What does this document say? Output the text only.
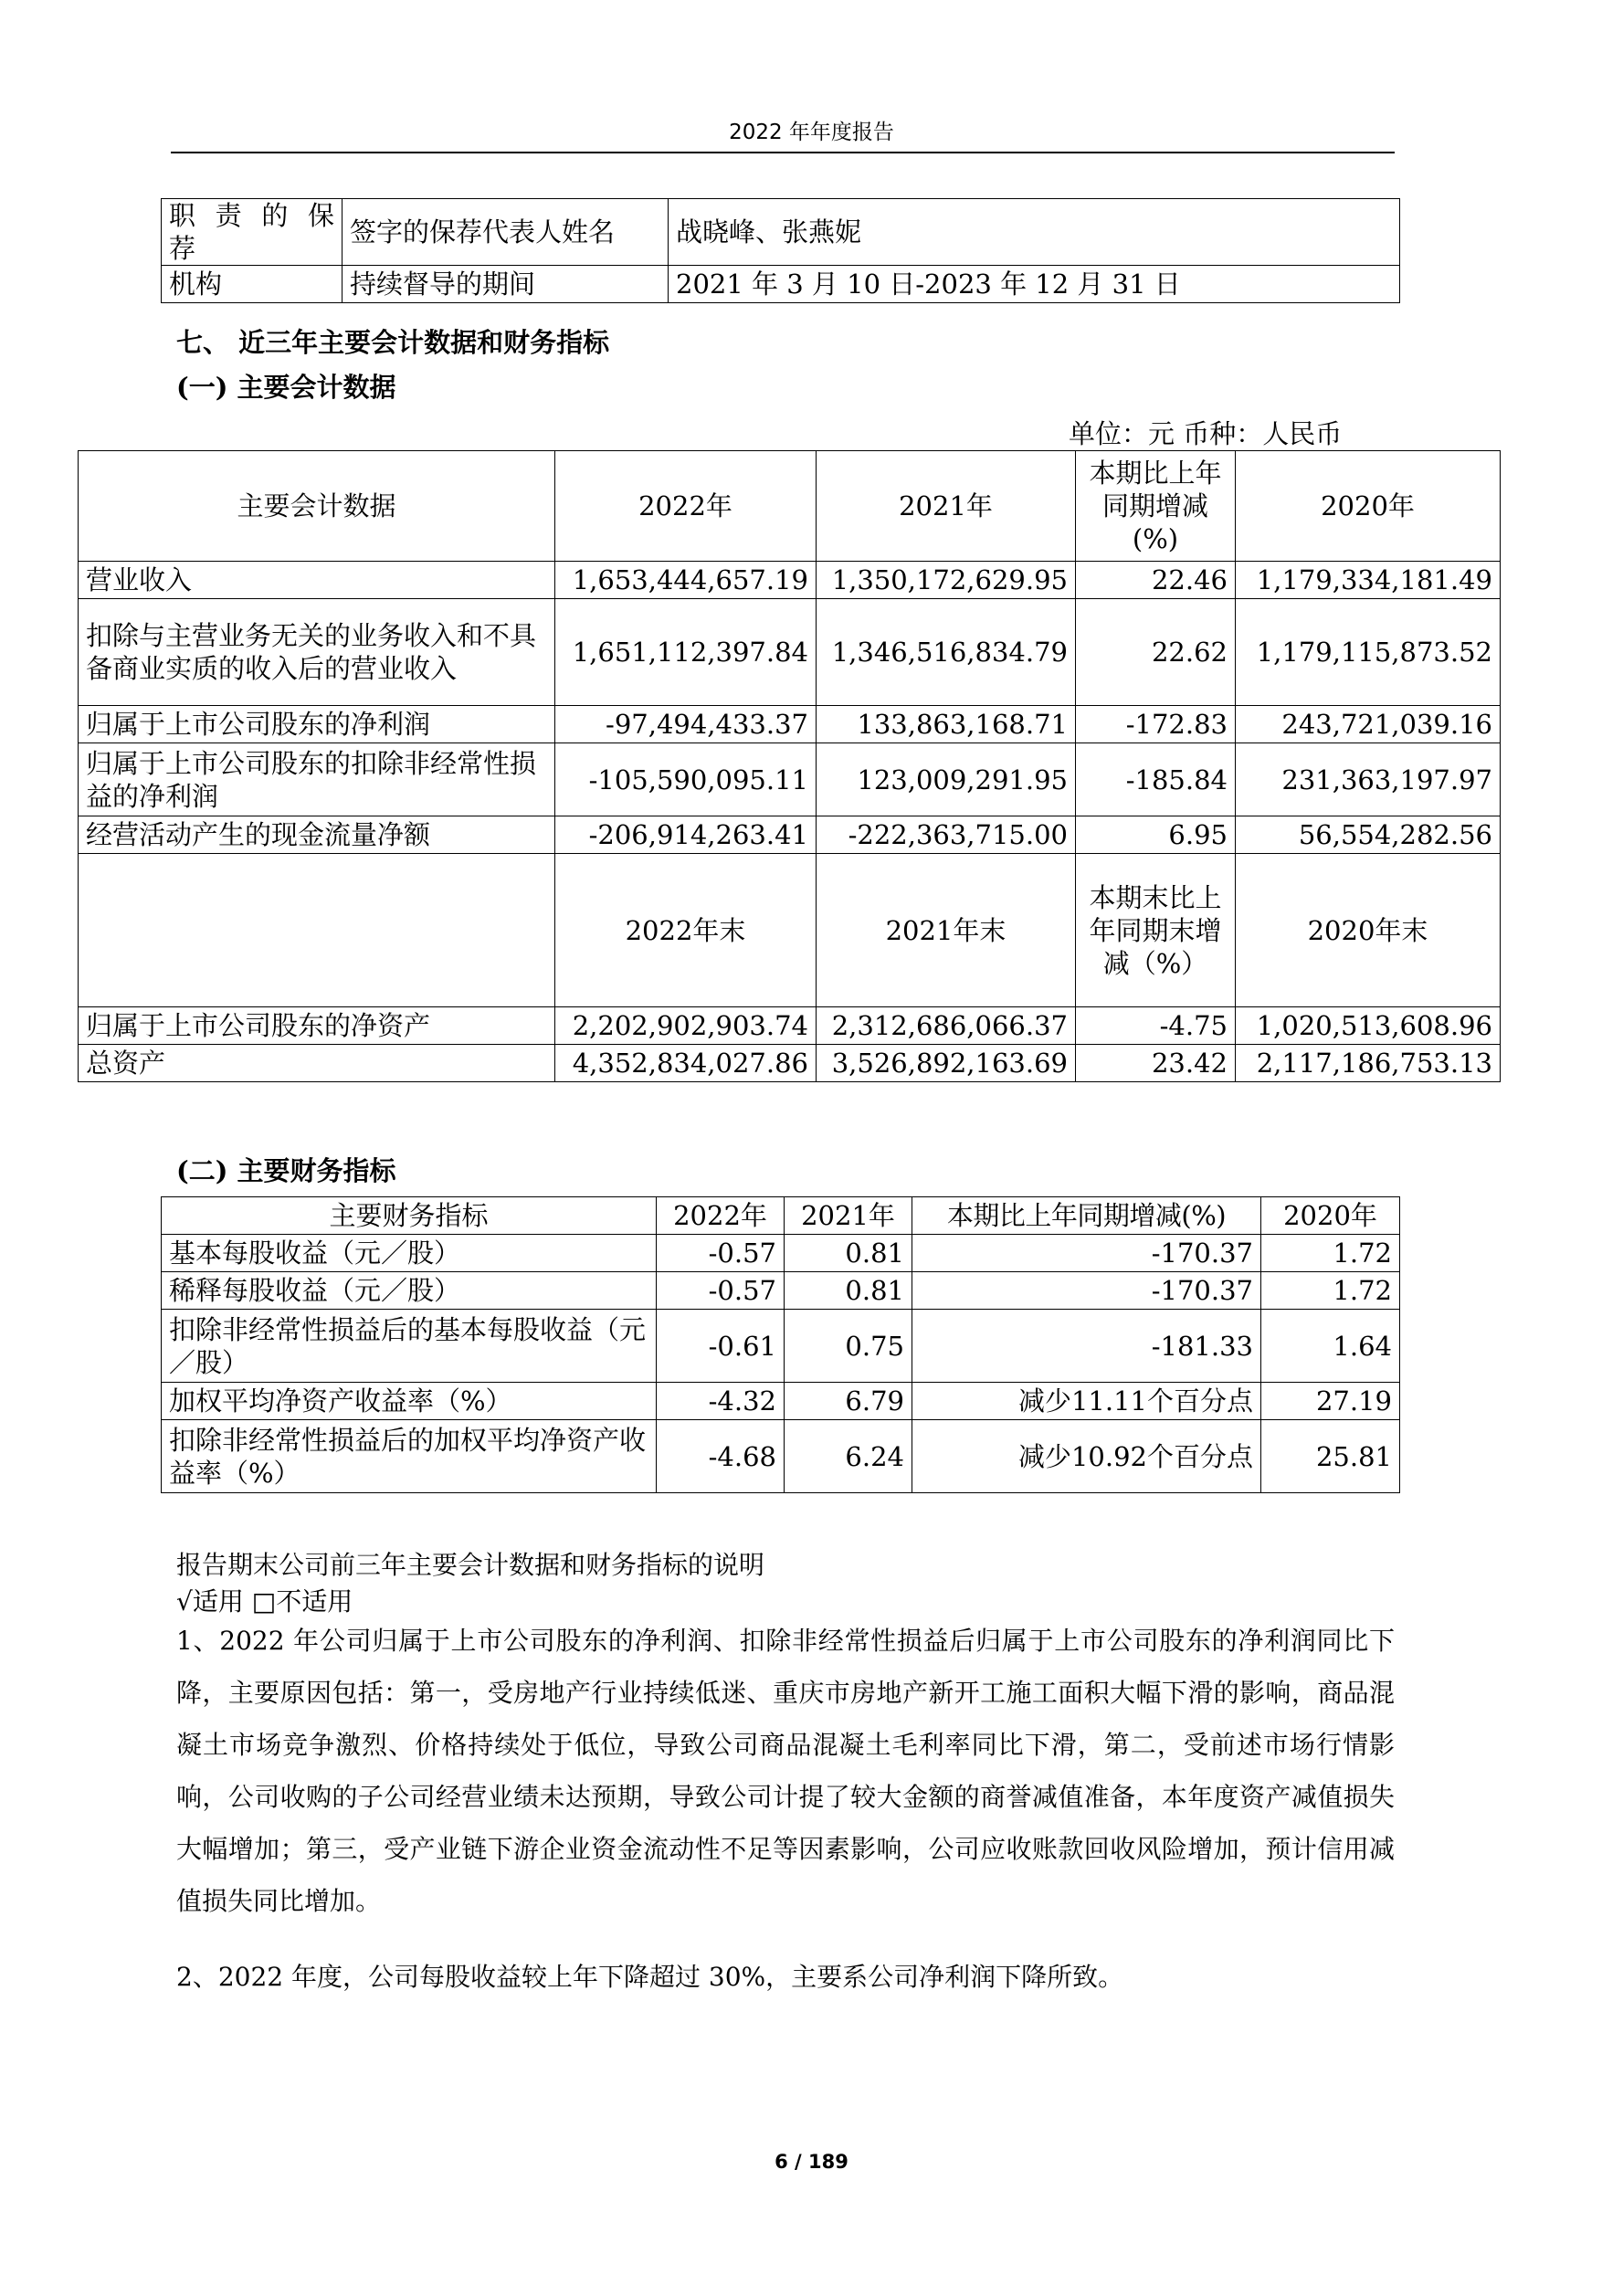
2022 年年度报告
职 责 的 保 荐	签字的保荐代表人姓名	战晓峰、张燕妮
机构	持续督导的期间	2021 年 3 月 10 日-2023 年 12 月 31 日
七、 近三年主要会计数据和财务指标
(一) 主要会计数据
单位：元 币种：人民币
主要会计数据	2022年	2021年	本期比上年同期增减(%)	2020年
营业收入	1,653,444,657.19	1,350,172,629.95	22.46	1,179,334,181.49
扣除与主营业务无关的业务收入和不具备商业实质的收入后的营业收入	1,651,112,397.84	1,346,516,834.79	22.62	1,179,115,873.52
归属于上市公司股东的净利润	-97,494,433.37	133,863,168.71	-172.83	243,721,039.16
归属于上市公司股东的扣除非经常性损益的净利润	-105,590,095.11	123,009,291.95	-185.84	231,363,197.97
经营活动产生的现金流量净额	-206,914,263.41	-222,363,715.00	6.95	56,554,282.56
	2022年末	2021年末	本期末比上年同期末增减（%）	2020年末
归属于上市公司股东的净资产	2,202,902,903.74	2,312,686,066.37	-4.75	1,020,513,608.96
总资产	4,352,834,027.86	3,526,892,163.69	23.42	2,117,186,753.13
(二) 主要财务指标
主要财务指标	2022年	2021年	本期比上年同期增减(%)	2020年
基本每股收益（元／股）	-0.57	0.81	-170.37	1.72
稀释每股收益（元／股）	-0.57	0.81	-170.37	1.72
扣除非经常性损益后的基本每股收益（元／股）	-0.61	0.75	-181.33	1.64
加权平均净资产收益率（%）	-4.32	6.79	减少11.11个百分点	27.19
扣除非经常性损益后的加权平均净资产收益率（%）	-4.68	6.24	减少10.92个百分点	25.81
报告期末公司前三年主要会计数据和财务指标的说明
√适用 □不适用
1、2022 年公司归属于上市公司股东的净利润、扣除非经常性损益后归属于上市公司股东的净利润同比下降，主要原因包括：第一，受房地产行业持续低迷、重庆市房地产新开工施工面积大幅下滑的影响，商品混凝土市场竞争激烈、价格持续处于低位，导致公司商品混凝土毛利率同比下滑，第二，受前述市场行情影响，公司收购的子公司经营业绩未达预期，导致公司计提了较大金额的商誉减值准备，本年度资产减值损失大幅增加；第三，受产业链下游企业资金流动性不足等因素影响，公司应收账款回收风险增加，预计信用减值损失同比增加。
2、2022 年度，公司每股收益较上年下降超过 30%，主要系公司净利润下降所致。
6 / 189
